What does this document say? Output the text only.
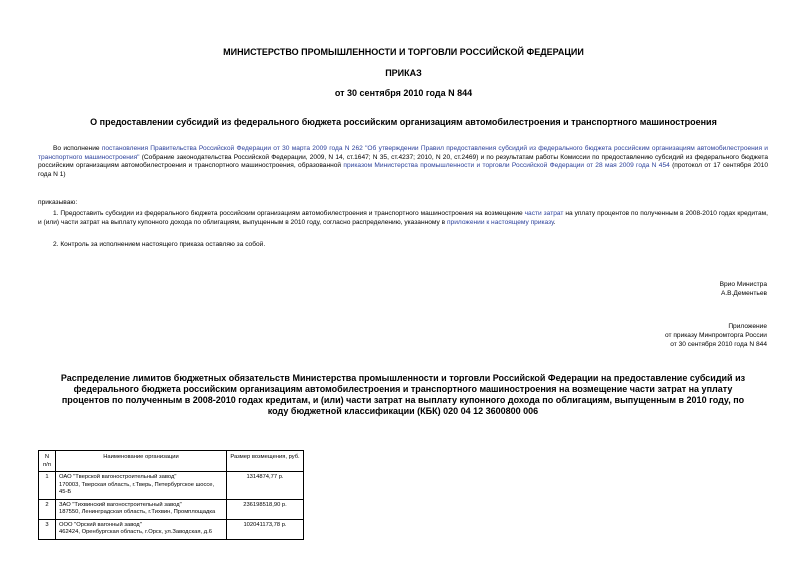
МИНИСТЕРСТВО ПРОМЫШЛЕННОСТИ И ТОРГОВЛИ РОССИЙСКОЙ ФЕДЕРАЦИИ
ПРИКАЗ
от 30 сентября 2010 года N 844
О предоставлении субсидий из федерального бюджета российским организациям автомобилестроения и транспортного машиностроения
Во исполнение постановления Правительства Российской Федерации от 30 марта 2009 года N 262 "Об утверждении Правил предоставления субсидий из федерального бюджета российским организациям автомобилестроения и транспортного машиностроения" (Собрание законодательства Российской Федерации, 2009, N 14, ст.1647; N 35, ст.4237; 2010, N 20, ст.2469) и по результатам работы Комиссии по предоставлению субсидий из федерального бюджета российским организациям автомобилестроения и транспортного машиностроения, образованной приказом Министерства промышленности и торговли Российской Федерации от 28 мая 2009 года N 454 (протокол от 17 сентября 2010 года N 1)
приказываю:
1. Предоставить субсидии из федерального бюджета российским организациям автомобилестроения и транспортного машиностроения на возмещение части затрат на уплату процентов по полученным в 2008-2010 годах кредитам, и (или) части затрат на выплату купонного дохода по облигациям, выпущенным в 2010 году, согласно распределению, указанному в приложении к настоящему приказу.
2. Контроль за исполнением настоящего приказа оставляю за собой.
Врио Министра
А.В.Дементьев
Приложение
от приказу Минпромторга России
от 30 сентября 2010 года N 844
Распределение лимитов бюджетных обязательств Министерства промышленности и торговли Российской Федерации на предоставление субсидий из федерального бюджета российским организациям автомобилестроения и транспортного машиностроения на возмещение части затрат на уплату процентов по полученным в 2008-2010 годах кредитам, и (или) части затрат на выплату купонного дохода по облигациям, выпущенным в 2010 году, по коду бюджетной классификации (КБК) 020 04 12 3600800 006
N п/п	Наименование организации	Размер возмещения, руб.
1	ОАО "Тверской вагоностроительный завод"
170003, Тверская область, г.Тверь, Петербургское шоссе, 45-Б	1314874,77 р.
2	ЗАО "Тихвинский вагоностроительный завод"
187550, Ленинградская область, г.Тихвин, Промплощадка	236198518,90 р.
3	ООО "Орский вагонный завод"
462424, Оренбургская область, г.Орск, ул.Заводская, д.6	102041173,78 р.
